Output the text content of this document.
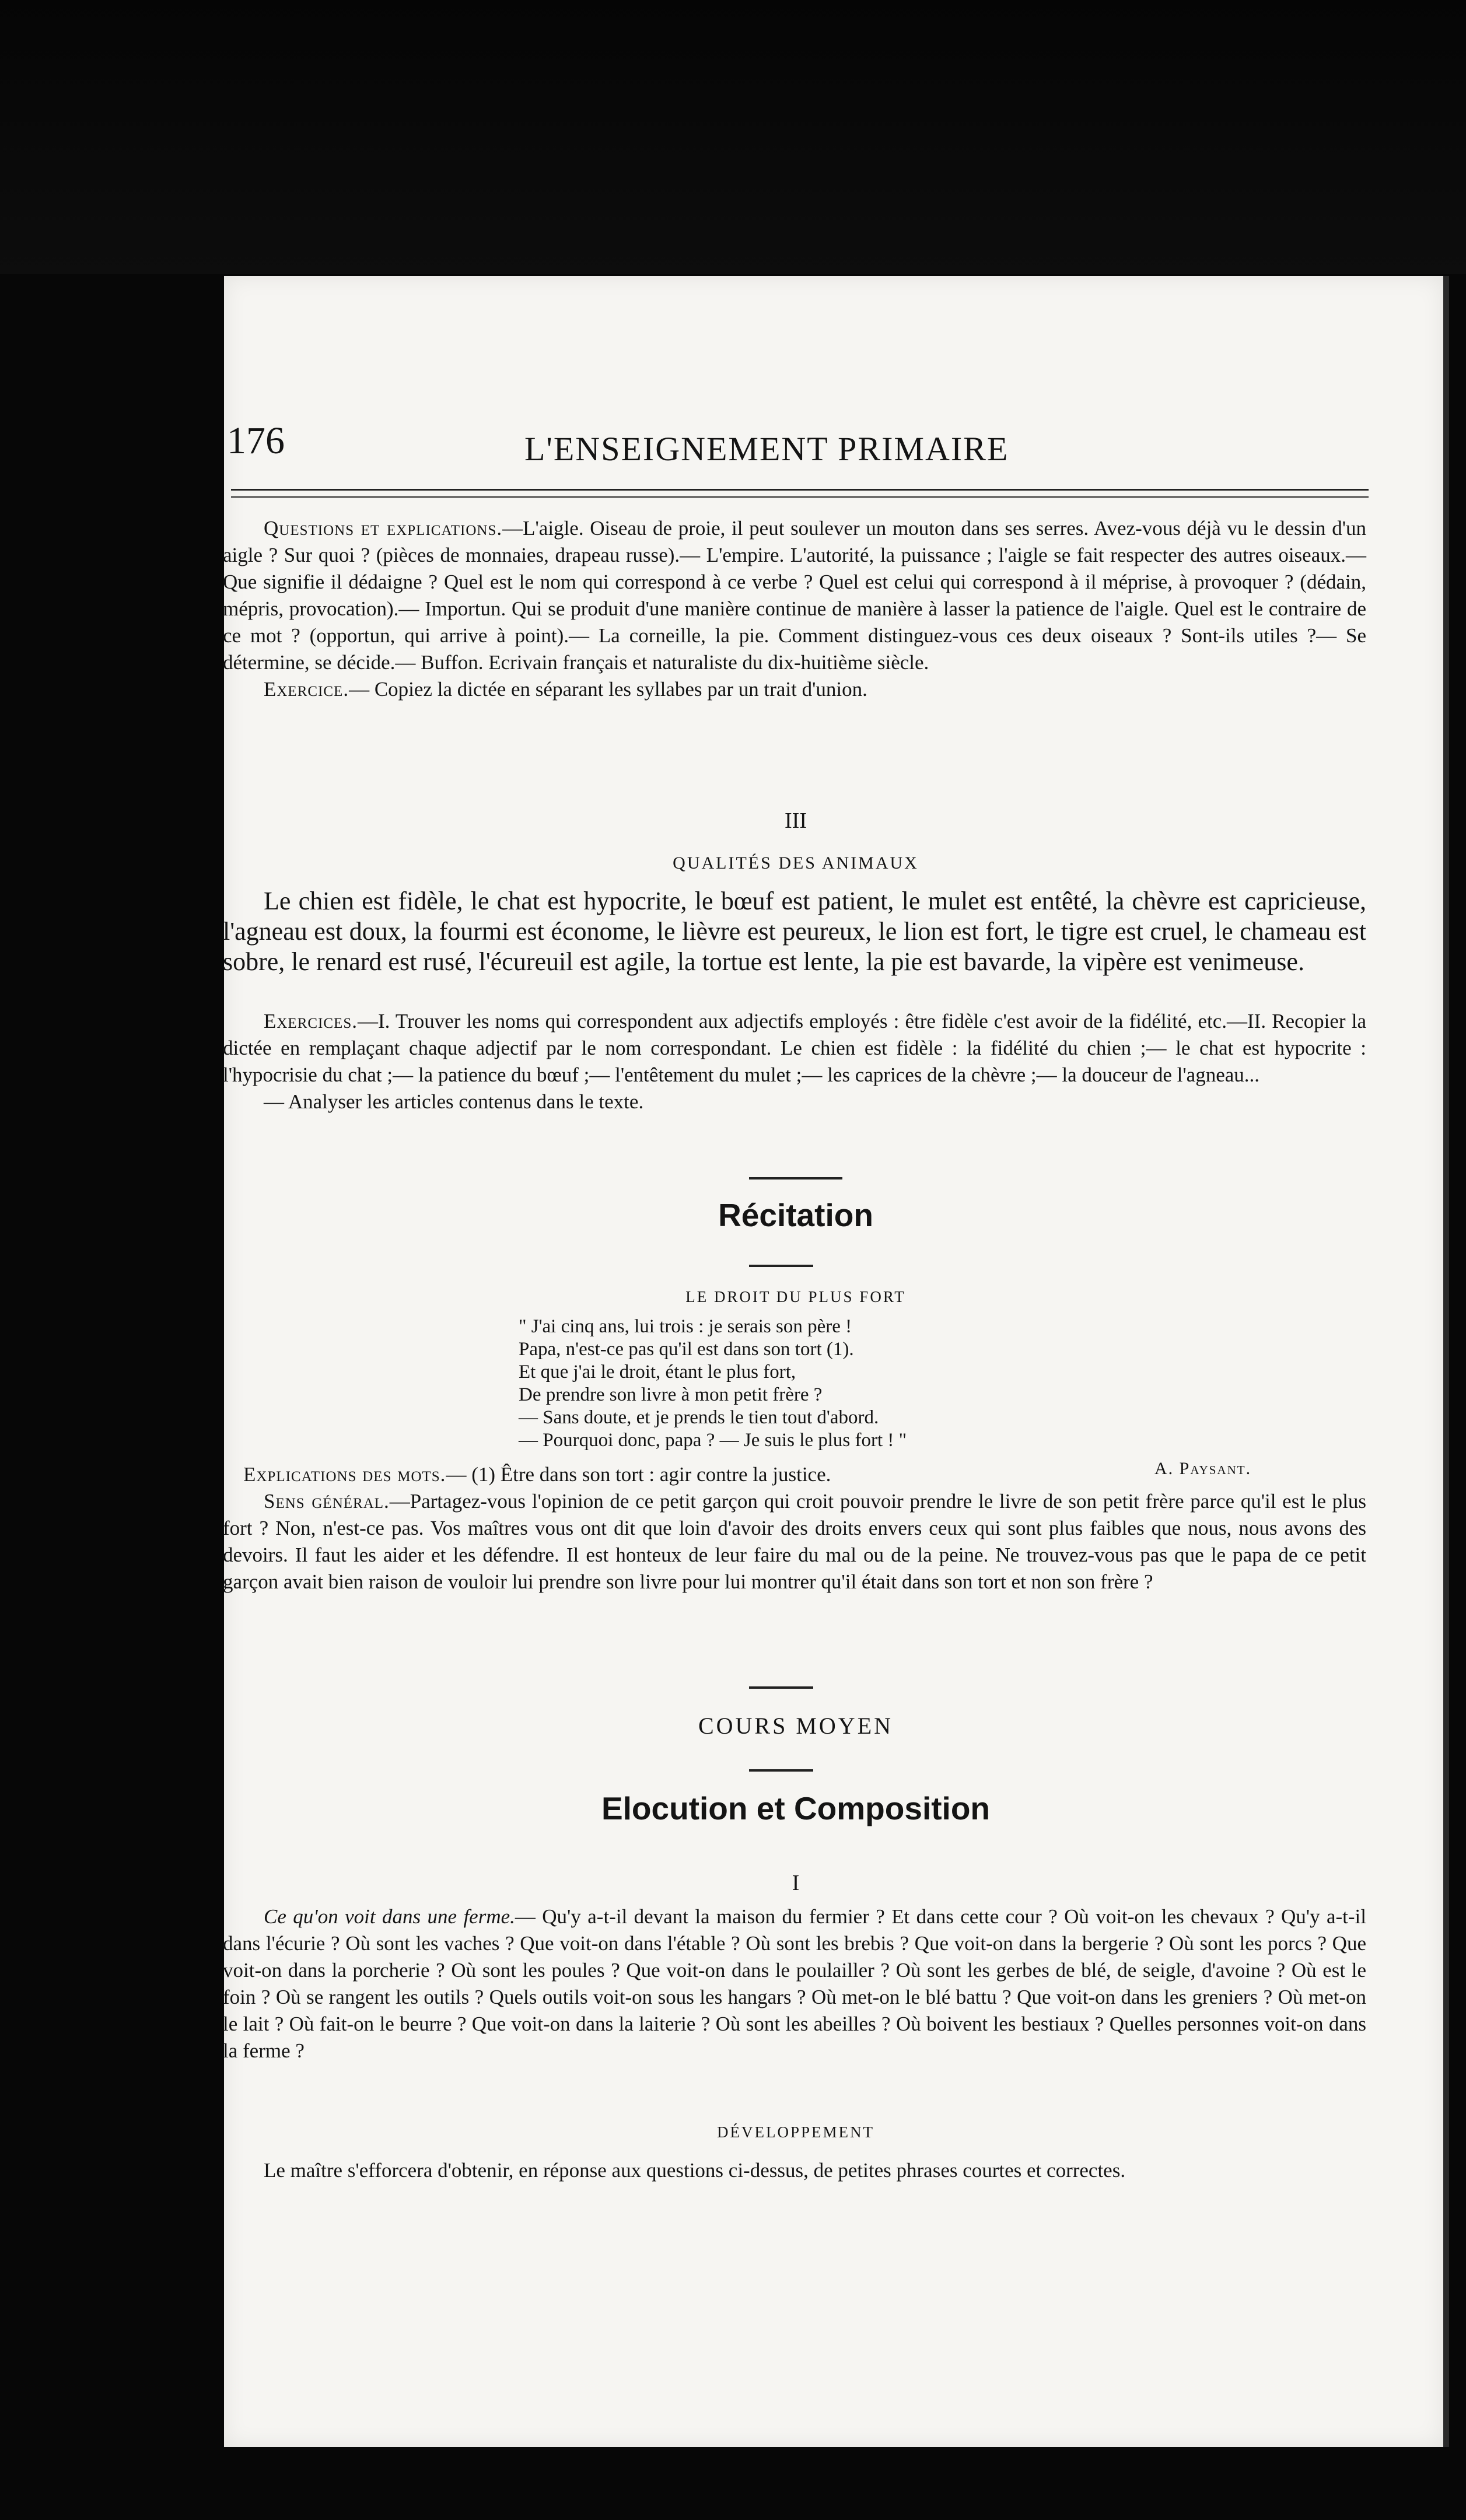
176	L'ENSEIGNEMENT PRIMAIRE

Questions et explications.—L'aigle. Oiseau de proie, il peut soulever un mouton dans ses serres. Avez-vous déjà vu le dessin d'un aigle ? Sur quoi ? (pièces de monnaies, drapeau russe).— L'empire. L'autorité, la puissance ; l'aigle se fait respecter des autres oiseaux.—Que signifie il dédaigne ? Quel est le nom qui correspond à ce verbe ? Quel est celui qui correspond à il méprise, à provoquer ? (dédain, mépris, provocation).— Importun. Qui se produit d'une manière continue de manière à lasser la patience de l'aigle. Quel est le contraire de ce mot ? (opportun, qui arrive à point).— La corneille, la pie. Comment distinguez-vous ces deux oiseaux ? Sont-ils utiles ?— Se détermine, se décide.— Buffon. Ecrivain français et naturaliste du dix-huitième siècle.

Exercice.— Copiez la dictée en séparant les syllabes par un trait d'union.

III
QUALITÉS DES ANIMAUX

Le chien est fidèle, le chat est hypocrite, le bœuf est patient, le mulet est entêté, la chèvre est capricieuse, l'agneau est doux, la fourmi est économe, le lièvre est peureux, le lion est fort, le tigre est cruel, le chameau est sobre, le renard est rusé, l'écureuil est agile, la tortue est lente, la pie est bavarde, la vipère est venimeuse.

Exercices.—I. Trouver les noms qui correspondent aux adjectifs employés : être fidèle c'est avoir de la fidélité, etc.—II. Recopier la dictée en remplaçant chaque adjectif par le nom correspondant. Le chien est fidèle : la fidélité du chien ;— le chat est hypocrite : l'hypocrisie du chat ;— la patience du bœuf ;— l'entêtement du mulet ;— les caprices de la chèvre ;— la douceur de l'agneau...

— Analyser les articles contenus dans le texte.

Récitation
LE DROIT DU PLUS FORT
" J'ai cinq ans, lui trois : je serais son père !
Papa, n'est-ce pas qu'il est dans son tort (1).
Et que j'ai le droit, étant le plus fort,
De prendre son livre à mon petit frère ?
— Sans doute, et je prends le tien tout d'abord.
— Pourquoi donc, papa ? — Je suis le plus fort ! "
A. Paysant.

Explications des mots.— (1) Être dans son tort : agir contre la justice.

Sens général.—Partagez-vous l'opinion de ce petit garçon qui croit pouvoir prendre le livre de son petit frère parce qu'il est le plus fort ? Non, n'est-ce pas. Vos maîtres vous ont dit que loin d'avoir des droits envers ceux qui sont plus faibles que nous, nous avons des devoirs. Il faut les aider et les défendre. Il est honteux de leur faire du mal ou de la peine. Ne trouvez-vous pas que le papa de ce petit garçon avait bien raison de vouloir lui prendre son livre pour lui montrer qu'il était dans son tort et non son frère ?

COURS MOYEN
Elocution et Composition
I

Ce qu'on voit dans une ferme.— Qu'y a-t-il devant la maison du fermier ? Et dans cette cour ? Où voit-on les chevaux ? Qu'y a-t-il dans l'écurie ? Où sont les vaches ? Que voit-on dans l'étable ? Où sont les brebis ? Que voit-on dans la bergerie ? Où sont les porcs ? Que voit-on dans la porcherie ? Où sont les poules ? Que voit-on dans le poulailler ? Où sont les gerbes de blé, de seigle, d'avoine ? Où est le foin ? Où se rangent les outils ? Quels outils voit-on sous les hangars ? Où met-on le blé battu ? Que voit-on dans les greniers ? Où met-on le lait ? Où fait-on le beurre ? Que voit-on dans la laiterie ? Où sont les abeilles ? Où boivent les bestiaux ? Quelles personnes voit-on dans la ferme ?

DÉVELOPPEMENT

Le maître s'efforcera d'obtenir, en réponse aux questions ci-dessus, de petites phrases courtes et correctes.
